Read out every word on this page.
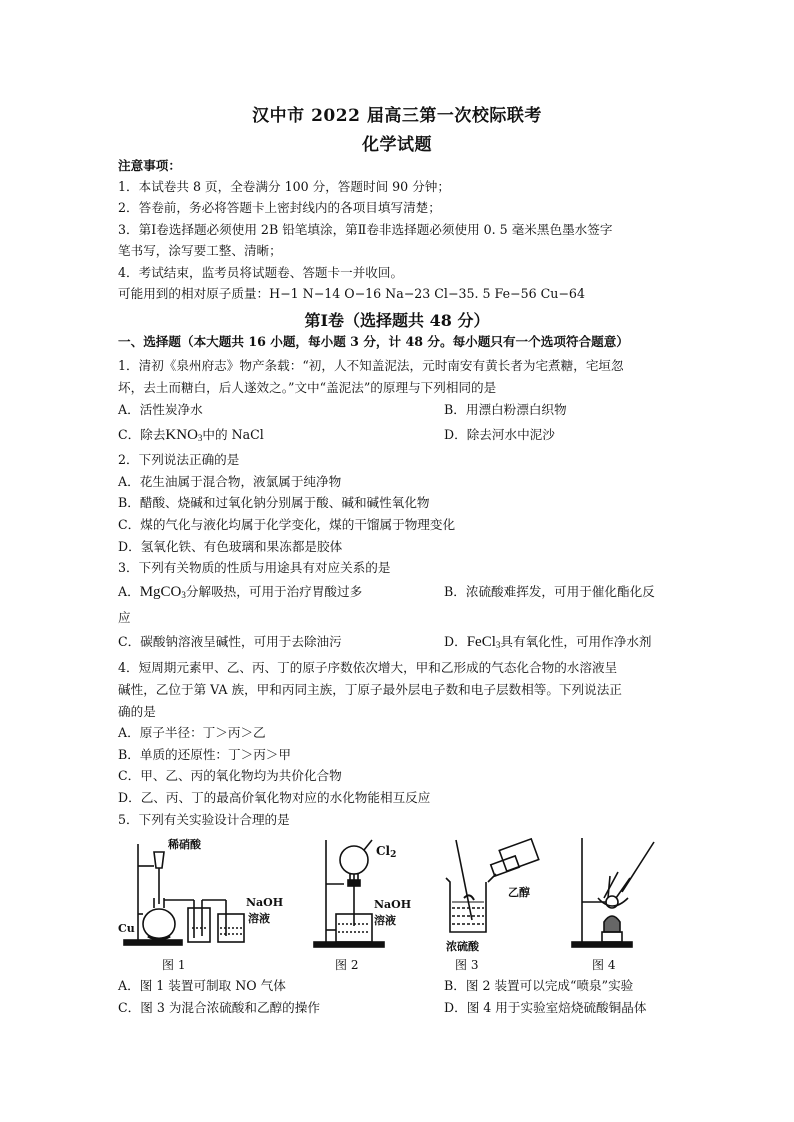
汉中市 2022 届高三第一次校际联考
化学试题
注意事项：
1．本试卷共 8 页，全卷满分 100 分，答题时间 90 分钟；
2．答卷前，务必将答题卡上密封线内的各项目填写清楚；
3．第Ⅰ卷选择题必须使用 2B 铅笔填涂，第Ⅱ卷非选择题必须使用 0. 5 毫米黑色墨水签字
笔书写，涂写要工整、清晰；
4．考试结束，监考员将试题卷、答题卡一并收回。
可能用到的相对原子质量：H−1 N−14 O−16 Na−23 Cl−35. 5 Fe−56 Cu−64
第Ⅰ卷（选择题共 48 分）
一、选择题（本大题共 16 小题，每小题 3 分，计 48 分。每小题只有一个选项符合题意）
1．清初《泉州府志》物产条载：“初，人不知盖泥法，元时南安有黄长者为宅煮糖，宅垣忽
坏，去土而糖白，后人遂效之。”文中“盖泥法”的原理与下列相同的是
A．活性炭净水	B．用漂白粉漂白织物
C．除去$KNO_3$中的 NaCl	D．除去河水中泥沙
2．下列说法正确的是
A．花生油属于混合物，液氯属于纯净物
B．醋酸、烧碱和过氧化钠分别属于酸、碱和碱性氧化物
C．煤的气化与液化均属于化学变化，煤的干馏属于物理变化
D．氢氧化铁、有色玻璃和果冻都是胶体
3．下列有关物质的性质与用途具有对应关系的是
A．MgCO$_3$分解吸热，可用于治疗胃酸过多	B．浓硫酸难挥发，可用于催化酯化反
应
C．碳酸钠溶液呈碱性，可用于去除油污	D．FeCl$_3$具有氧化性，可用作净水剂
4．短周期元素甲、乙、丙、丁的原子序数依次增大，甲和乙形成的气态化合物的水溶液呈
碱性，乙位于第 VA 族，甲和丙同主族，丁原子最外层电子数和电子层数相等。下列说法正
确的是
A．原子半径：丁＞丙＞乙
B．单质的还原性：丁＞丙＞甲
C．甲、乙、丙的氧化物均为共价化合物
D．乙、丙、丁的最高价氧化物对应的水化物能相互反应
5．下列有关实验设计合理的是
稀硝酸
Cu
NaOH
溶液
图 1
$Cl_2$
NaOH
溶液
图 2
乙醇
浓硫酸
图 3	图 4
A．图 1 装置可制取 NO 气体	B．图 2 装置可以完成“喷泉”实验
C．图 3 为混合浓硫酸和乙醇的操作	D．图 4 用于实验室焙烧硫酸铜晶体
